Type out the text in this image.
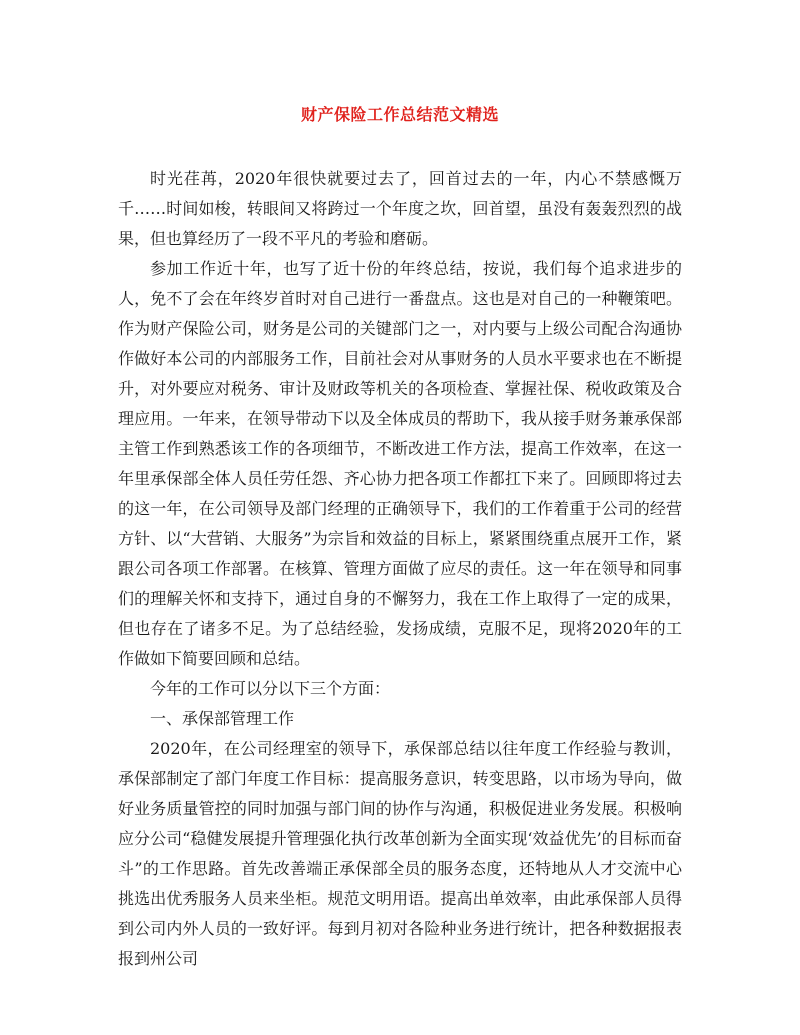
财产保险工作总结范文精选

时光荏苒，2020年很快就要过去了，回首过去的一年，内心不禁感慨万千……时间如梭，转眼间又将跨过一个年度之坎，回首望，虽没有轰轰烈烈的战果，但也算经历了一段不平凡的考验和磨砺。

参加工作近十年，也写了近十份的年终总结，按说，我们每个追求进步的人，免不了会在年终岁首时对自己进行一番盘点。这也是对自己的一种鞭策吧。作为财产保险公司，财务是公司的关键部门之一，对内要与上级公司配合沟通协作做好本公司的内部服务工作，目前社会对从事财务的人员水平要求也在不断提升，对外要应对税务、审计及财政等机关的各项检查、掌握社保、税收政策及合理应用。一年来，在领导带动下以及全体成员的帮助下，我从接手财务兼承保部主管工作到熟悉该工作的各项细节，不断改进工作方法，提高工作效率，在这一年里承保部全体人员任劳任怨、齐心协力把各项工作都扛下来了。回顾即将过去的这一年，在公司领导及部门经理的正确领导下，我们的工作着重于公司的经营方针、以“大营销、大服务”为宗旨和效益的目标上，紧紧围绕重点展开工作，紧跟公司各项工作部署。在核算、管理方面做了应尽的责任。这一年在领导和同事们的理解关怀和支持下，通过自身的不懈努力，我在工作上取得了一定的成果，但也存在了诸多不足。为了总结经验，发扬成绩，克服不足，现将2020年的工作做如下简要回顾和总结。

今年的工作可以分以下三个方面：

一、承保部管理工作

2020年，在公司经理室的领导下，承保部总结以往年度工作经验与教训，承保部制定了部门年度工作目标：提高服务意识，转变思路，以市场为导向，做好业务质量管控的同时加强与部门间的协作与沟通，积极促进业务发展。积极响应分公司“稳健发展提升管理强化执行改革创新为全面实现‘效益优先’的目标而奋斗”的工作思路。首先改善端正承保部全员的服务态度，还特地从人才交流中心挑选出优秀服务人员来坐柜。规范文明用语。提高出单效率，由此承保部人员得到公司内外人员的一致好评。每到月初对各险种业务进行统计，把各种数据报表报到州公司
